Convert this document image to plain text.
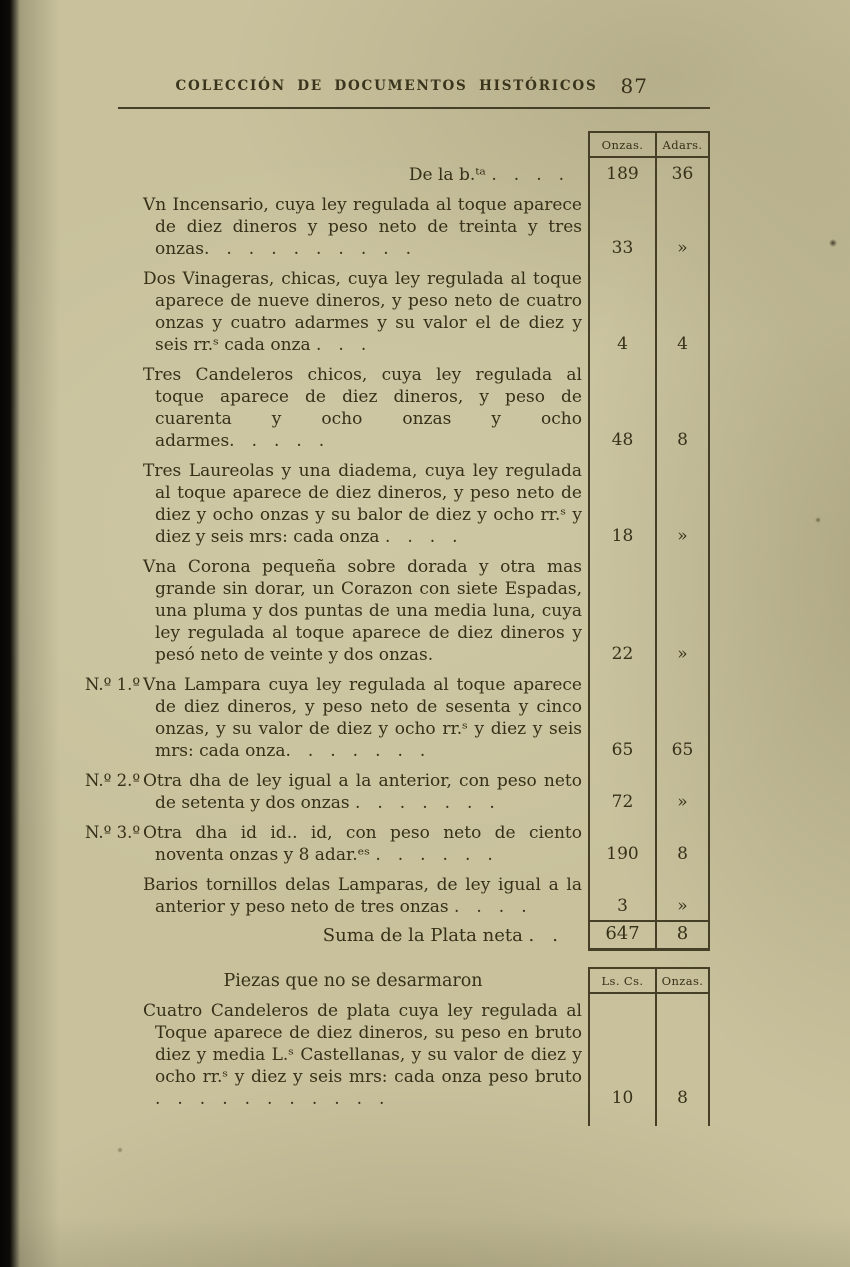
COLECCIÓN DE DOCUMENTOS HISTÓRICOS	87
Onzas.	Adars.
De la b.ᵗᵃ . . . .	189	36
Vn Incensario, cuya ley regulada al toque aparece de diez dineros y peso neto de treinta y tres onzas. . . . . . . . . .	33	»
Dos Vinageras, chicas, cuya ley regulada al toque aparece de nueve dineros, y peso neto de cuatro onzas y cuatro adarmes y su valor el de diez y seis rr.ˢ cada onza . . .	4	4
Tres Candeleros chicos, cuya ley regulada al toque aparece de diez dineros, y peso de cuarenta y ocho onzas y ocho adarmes. . . . .	48	8
Tres Laureolas y una diadema, cuya ley regulada al toque aparece de diez dineros, y peso neto de diez y ocho onzas y su balor de diez y ocho rr.ˢ y diez y seis mrs: cada onza . . . .	18	»
Vna Corona pequeña sobre dorada y otra mas grande sin dorar, un Corazon con siete Espadas, una pluma y dos puntas de una media luna, cuya ley regulada al toque aparece de diez dineros y pesó neto de veinte y dos onzas.	22	»
N.º 1.º Vna Lampara cuya ley regulada al toque aparece de diez dineros, y peso neto de sesenta y cinco onzas, y su valor de diez y ocho rr.ˢ y diez y seis mrs: cada onza. . . . . . .	65	65
N.º 2.º Otra dha de ley igual a la anterior, con peso neto de setenta y dos onzas . . . . . . .	72	»
N.º 3.º Otra dha id id.. id, con peso neto de ciento noventa onzas y 8 adar.ᵉˢ . . . . . .	190	8
Barios tornillos delas Lamparas, de ley igual a la anterior y peso neto de tres onzas . . . .	3	»
Suma de la Plata neta . .	647	8
Piezas que no se desarmaron	Ls. Cs.	Onzas.
Cuatro Candeleros de plata cuya ley regulada al Toque aparece de diez dineros, su peso en bruto diez y media L.ˢ Castellanas, y su valor de diez y ocho rr.ˢ y diez y seis mrs: cada onza peso bruto . . . . . . . . . . .	10	8
